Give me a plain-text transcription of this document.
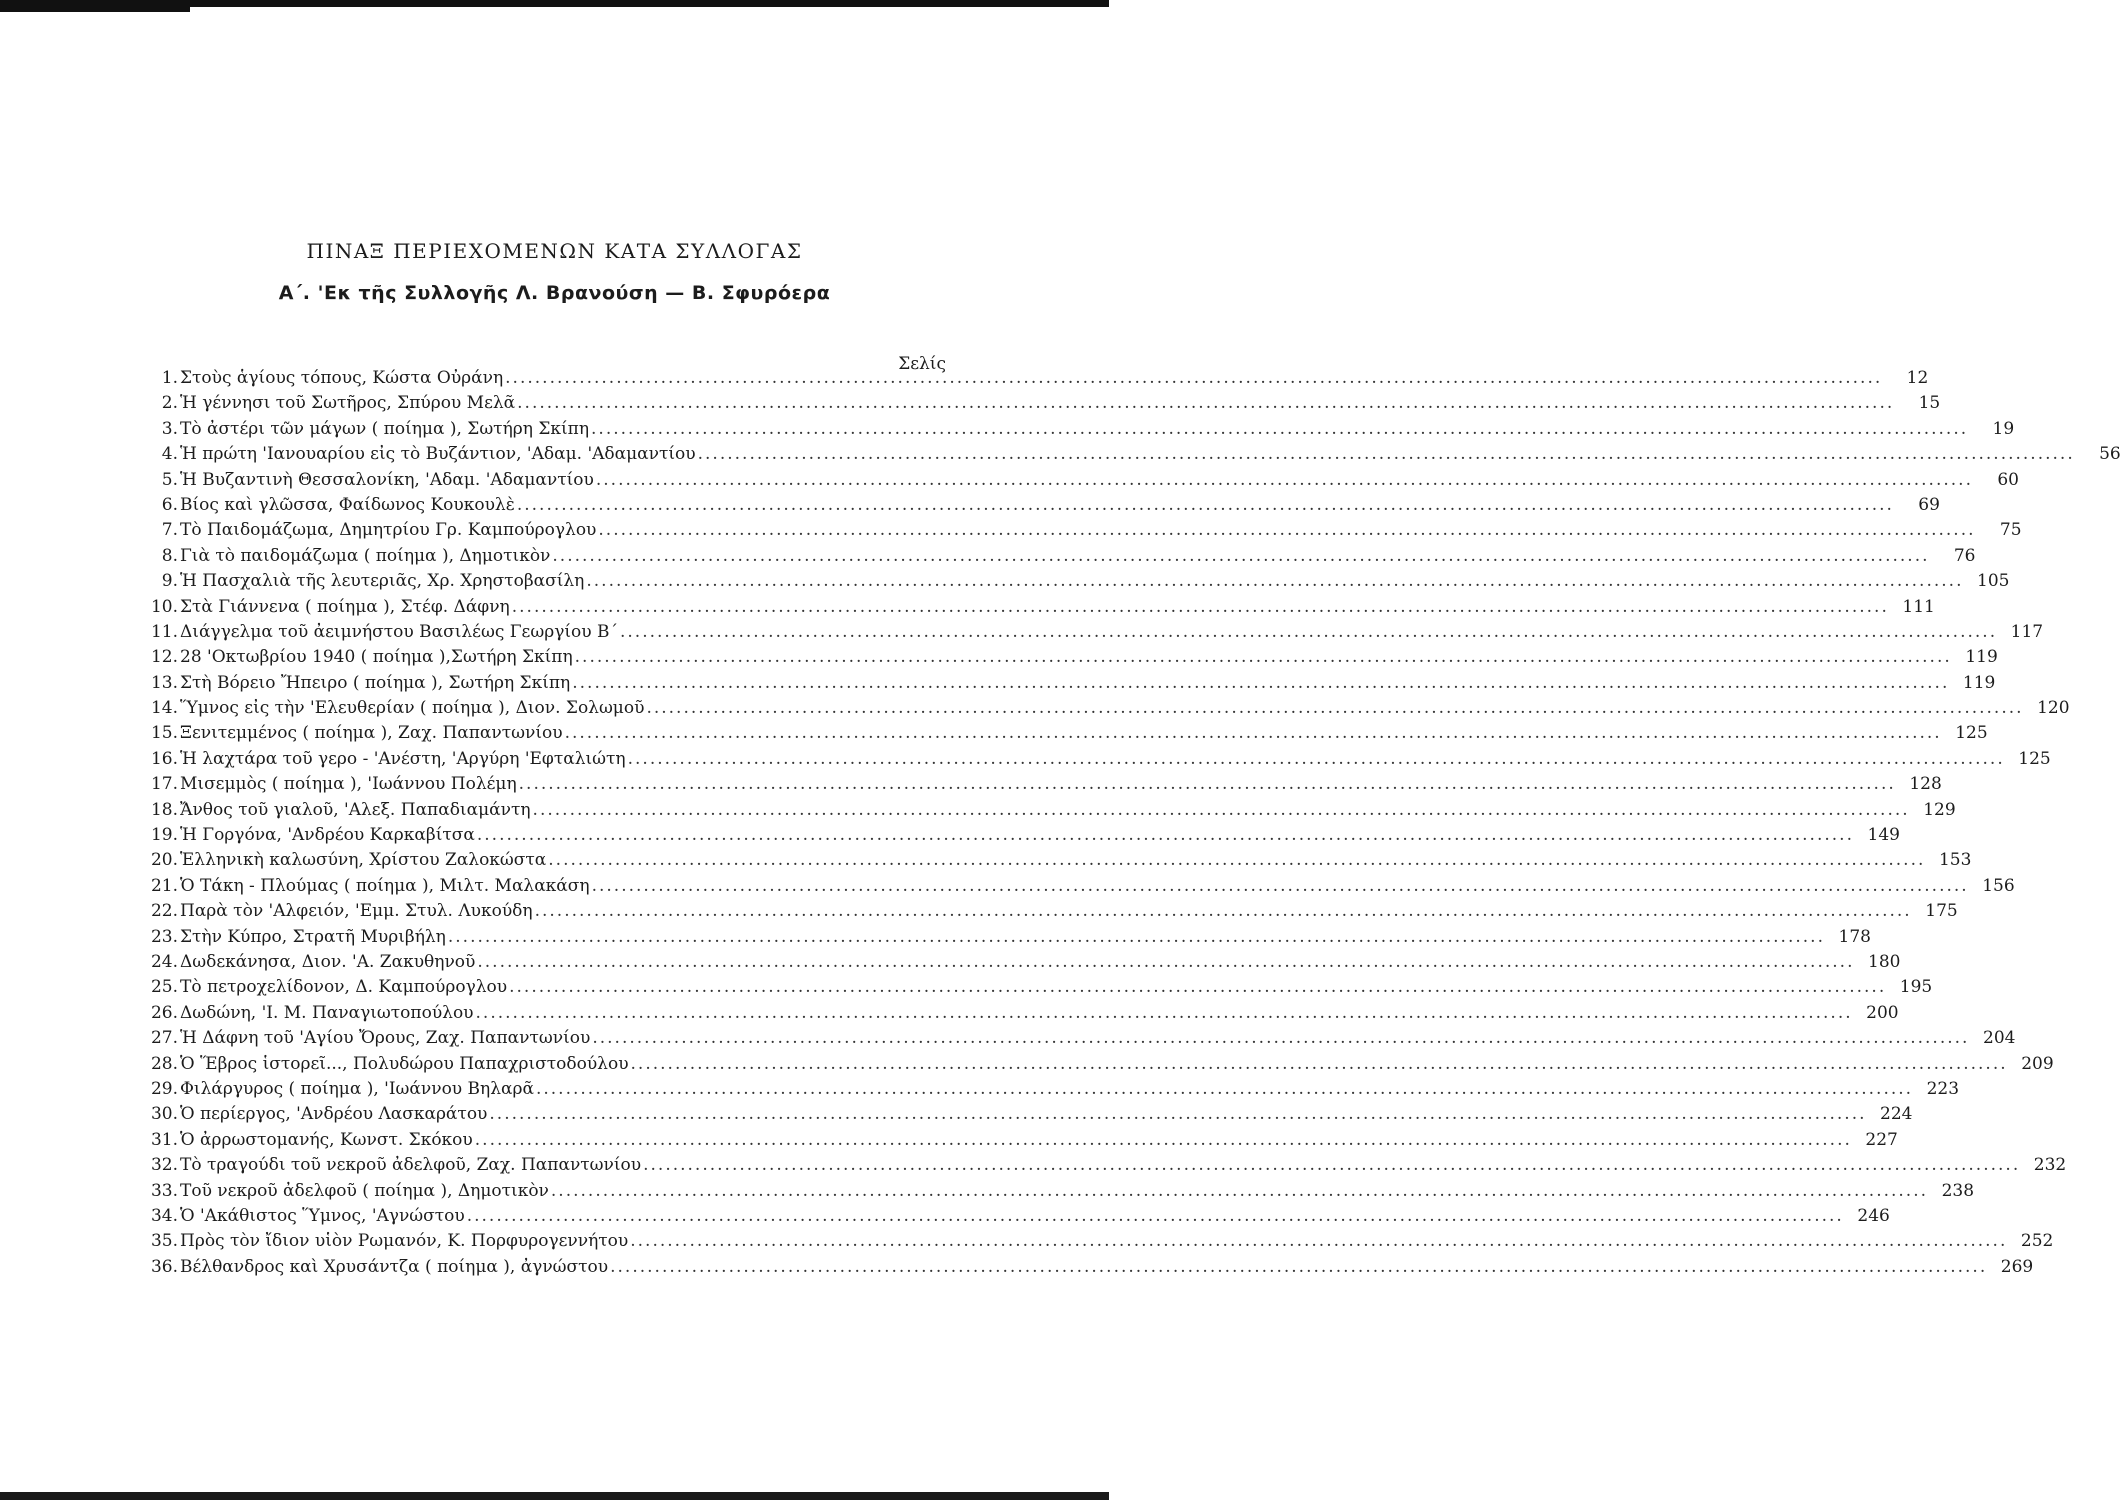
ΠΙΝΑΞ ΠΕΡΙΕΧΟΜΕΝΩΝ ΚΑΤΑ ΣΥΛΛΟΓΑΣ
Α΄. 'Εκ τῆς Συλλογῆς Λ. Βρανούση — Β. Σφυρόερα
Σελίς
1. Στοὺς ἁγίους τόπους, Κώστα Οὐράνη .....	12
2. Ἡ γέννησι τοῦ Σωτῆρος, Σπύρου Μελᾶ .....	15
3. Τὸ ἀστέρι τῶν μάγων ( ποίημα ), Σωτήρη Σκίπη .....	19
4. Ἡ πρώτη 'Ιανουαρίου εἰς τὸ Βυζάντιον, 'Αδαμ. 'Αδαμαντίου .....	56
5. Ἡ Βυζαντινὴ Θεσσαλονίκη, 'Αδαμ. 'Αδαμαντίου .....	60
6. Βίος καὶ γλῶσσα, Φαίδωνος Κουκουλὲ .....	69
7. Τὸ Παιδομάζωμα, Δημητρίου Γρ. Καμπούρογλου .....	75
8. Γιὰ τὸ παιδομάζωμα ( ποίημα ), Δημοτικὸν .....	76
9. Ἡ Πασχαλιὰ τῆς λευτεριᾶς, Χρ. Χρηστοβασίλη .....	105
10. Στὰ Γιάννενα ( ποίημα ), Στέφ. Δάφνη .....	111
11. Διάγγελμα τοῦ ἀειμνήστου Βασιλέως Γεωργίου Β΄ .....	117
12. 28 'Οκτωβρίου 1940 ( ποίημα ),Σωτήρη Σκίπη .....	119
13. Στὴ Βόρειο Ἤπειρο ( ποίημα ), Σωτήρη Σκίπη .....	119
14. Ὕμνος εἰς τὴν 'Ελευθερίαν ( ποίημα ), Διον. Σολωμοῦ .....	120
15. Ξενιτεμμένος ( ποίημα ), Ζαχ. Παπαντωνίου .....	125
16. Ἡ λαχτάρα τοῦ γερο - 'Ανέστη, 'Αργύρη 'Εφταλιώτη .....	125
17. Μισεμμὸς ( ποίημα ), 'Ιωάννου Πολέμη .....	128
18. Ἄνθος τοῦ γιαλοῦ, 'Αλεξ. Παπαδιαμάντη .....	129
19. Ἡ Γοργόνα, 'Ανδρέου Καρκαβίτσα .....	149
20. Ἑλληνικὴ καλωσύνη, Χρίστου Ζαλοκώστα .....	153
21. Ὁ Τάκη - Πλούμας ( ποίημα ), Μιλτ. Μαλακάση .....	156
22. Παρὰ τὸν 'Αλφειόν, 'Εμμ. Στυλ. Λυκούδη .....	175
23. Στὴν Κύπρο, Στρατῆ Μυριβήλη .....	178
24. Δωδεκάνησα, Διον. 'Α. Ζακυθηνοῦ .....	180
25. Τὸ πετροχελίδονον, Δ. Καμπούρογλου .....	195
26. Δωδώνη, 'Ι. Μ. Παναγιωτοπούλου .....	200
27. Ἡ Δάφνη τοῦ 'Αγίου Ὄρους, Ζαχ. Παπαντωνίου .....	204
28. Ὁ Ἕβρος ἱστορεῖ..., Πολυδώρου Παπαχριστοδούλου .....	209
29. Φιλάργυρος ( ποίημα ), 'Ιωάννου Βηλαρᾶ .....	223
30. Ὁ περίεργος, 'Ανδρέου Λασκαράτου .....	224
31. Ὁ ἀρρωστομανής, Κωνστ. Σκόκου .....	227
32. Τὸ τραγούδι τοῦ νεκροῦ ἀδελφοῦ, Ζαχ. Παπαντωνίου .....	232
33. Τοῦ νεκροῦ ἀδελφοῦ ( ποίημα ), Δημοτικὸν .....	238
34. Ὁ 'Ακάθιστος Ὕμνος, 'Αγνώστου .....	246
35. Πρὸς τὸν ἴδιον υἱὸν Ρωμανόν, Κ. Πορφυρογεννήτου .....	252
36. Βέλθανδρος καὶ Χρυσάντζα ( ποίημα ), ἀγνώστου .....	269
